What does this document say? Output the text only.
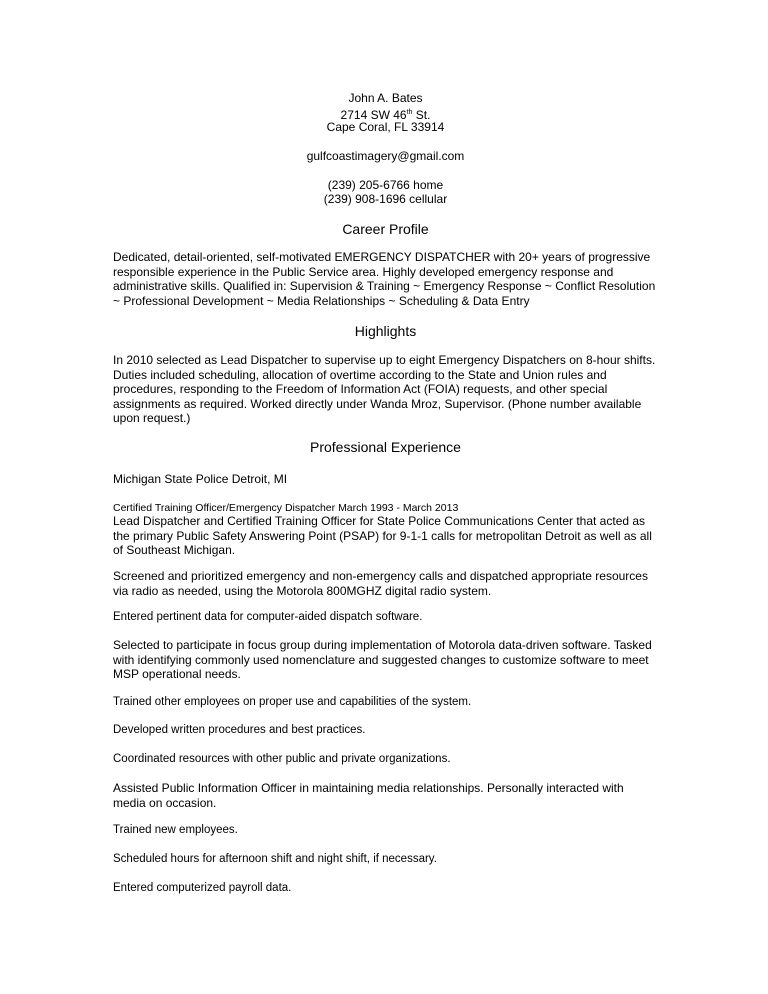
John A. Bates
2714 SW 46th St.
Cape Coral, FL 33914
gulfcoastimagery@gmail.com
(239) 205-6766 home
(239) 908-1696 cellular
Career Profile
Dedicated, detail-oriented, self-motivated EMERGENCY DISPATCHER with 20+ years of progressive
responsible experience in the Public Service area. Highly developed emergency response and
administrative skills. Qualified in: Supervision & Training ~ Emergency Response ~ Conflict Resolution
~ Professional Development ~ Media Relationships ~ Scheduling & Data Entry
Highlights
In 2010 selected as Lead Dispatcher to supervise up to eight Emergency Dispatchers on 8-hour shifts.
Duties included scheduling, allocation of overtime according to the State and Union rules and
procedures, responding to the Freedom of Information Act (FOIA) requests, and other special
assignments as required. Worked directly under Wanda Mroz, Supervisor. (Phone number available
upon request.)
Professional Experience
Michigan State Police Detroit, MI
Certified Training Officer/Emergency Dispatcher March 1993 - March 2013
Lead Dispatcher and Certified Training Officer for State Police Communications Center that acted as
the primary Public Safety Answering Point (PSAP) for 9-1-1 calls for metropolitan Detroit as well as all
of Southeast Michigan.
Screened and prioritized emergency and non-emergency calls and dispatched appropriate resources
via radio as needed, using the Motorola 800MGHZ digital radio system.
Entered pertinent data for computer-aided dispatch software.
Selected to participate in focus group during implementation of Motorola data-driven software. Tasked
with identifying commonly used nomenclature and suggested changes to customize software to meet
MSP operational needs.
Trained other employees on proper use and capabilities of the system.
Developed written procedures and best practices.
Coordinated resources with other public and private organizations.
Assisted Public Information Officer in maintaining media relationships. Personally interacted with
media on occasion.
Trained new employees.
Scheduled hours for afternoon shift and night shift, if necessary.
Entered computerized payroll data.
